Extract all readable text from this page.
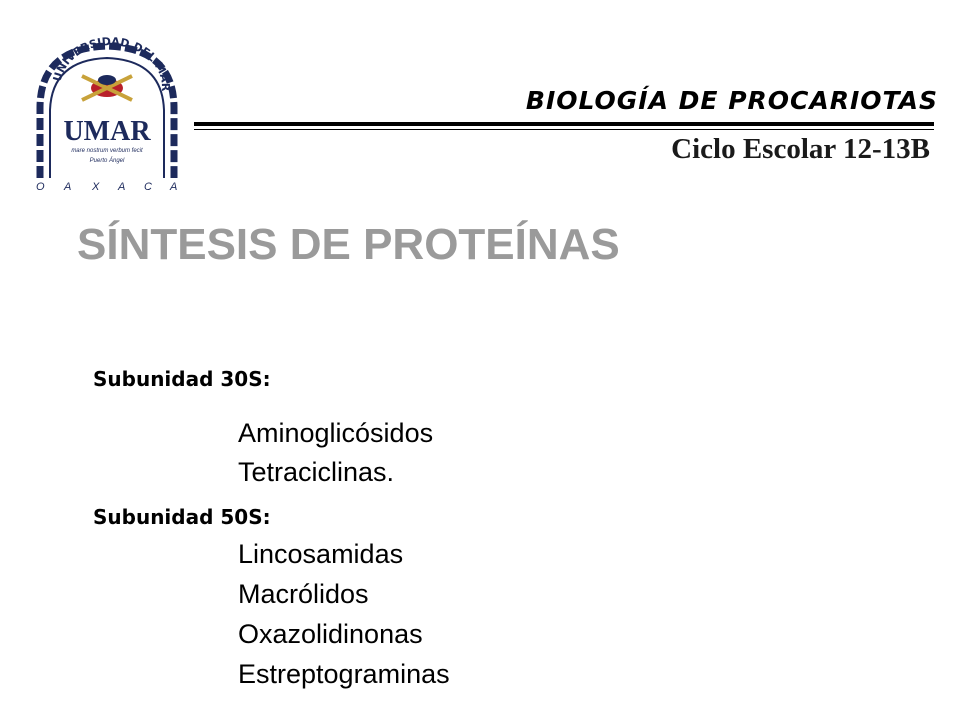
UNIVERSIDAD DEL MAR
UMAR
mare nostrum verbum fecit
Puerto Ángel
O A X A C A
BIOLOGÍA DE PROCARIOTAS
Ciclo Escolar 12-13B
SÍNTESIS DE PROTEÍNAS
Subunidad 30S:
Aminoglicósidos
Tetraciclinas.
Subunidad 50S:
Lincosamidas
Macrólidos
Oxazolidinonas
Estreptograminas
